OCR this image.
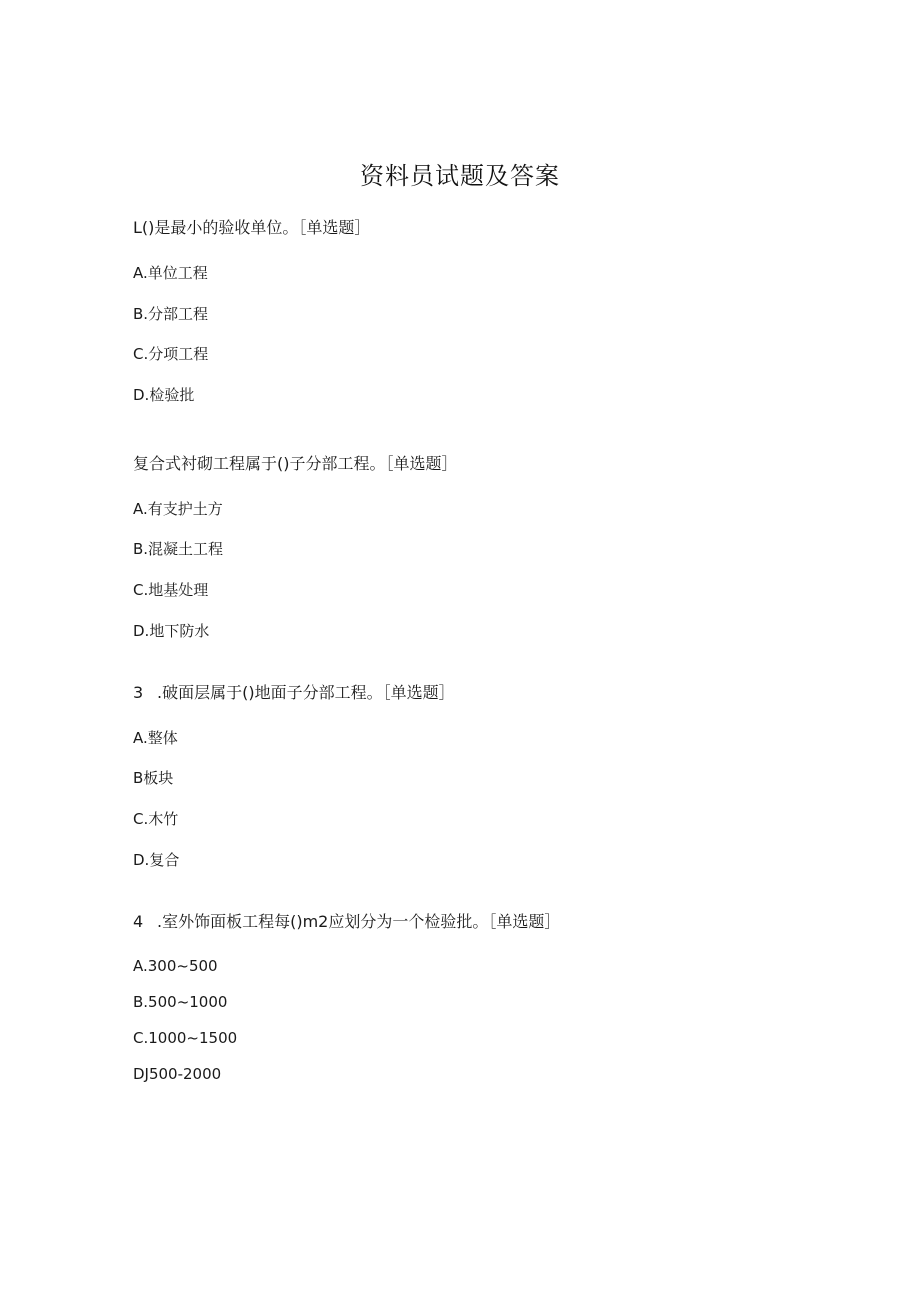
资料员试题及答案
L()是最小的验收单位。［单选题］
A.单位工程
B.分部工程
C.分项工程
D.检验批
复合式衬砌工程属于()子分部工程。［单选题］
A.有支护土方
B.混凝土工程
C.地基处理
D.地下防水
3 .破面层属于()地面子分部工程。［单选题］
A.整体
B板块
C.木竹
D.复合
4 .室外饰面板工程每()m2应划分为一个检验批。［单选题］
A.300~500
B.500~1000
C.1000~1500
DJ500-2000
